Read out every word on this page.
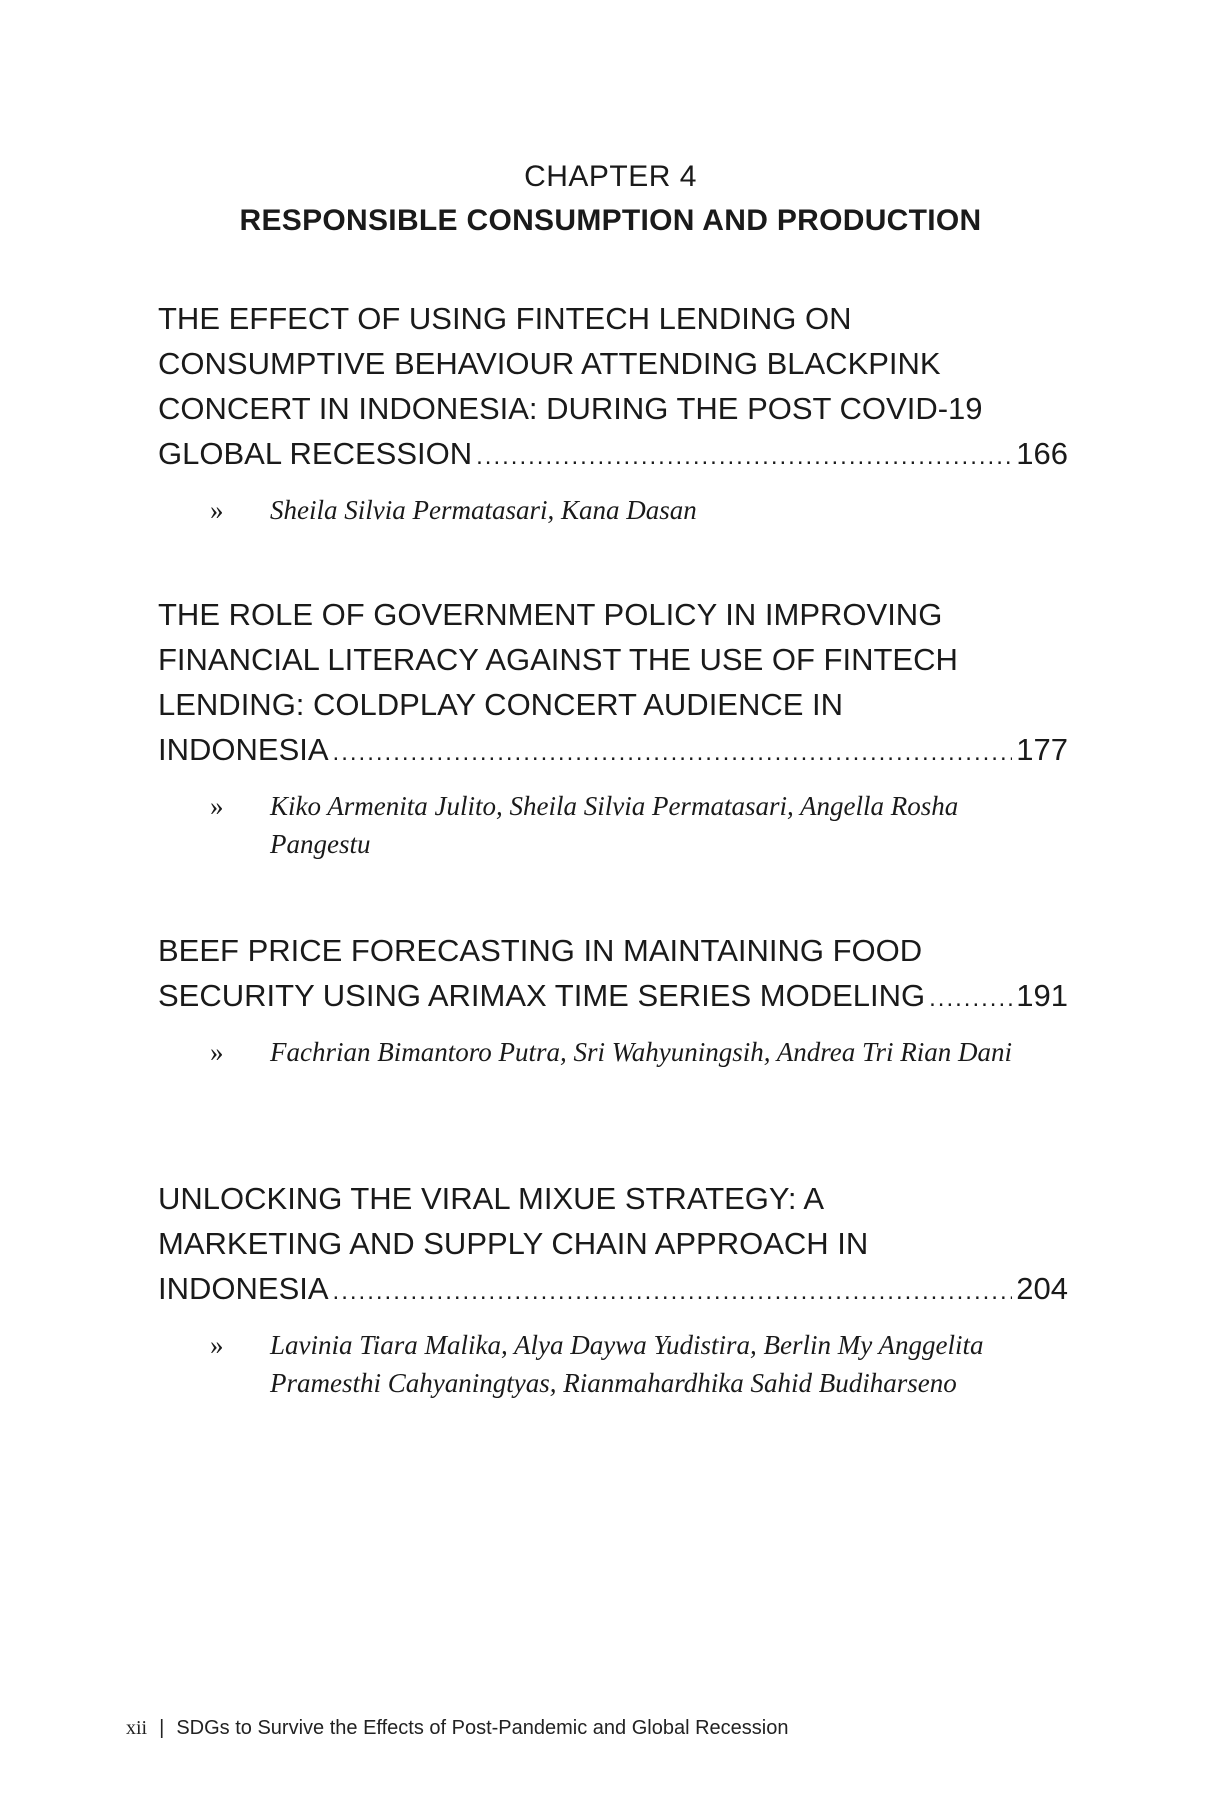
CHAPTER 4
RESPONSIBLE CONSUMPTION AND PRODUCTION
THE EFFECT OF USING FINTECH LENDING ON
CONSUMPTIVE BEHAVIOUR ATTENDING BLACKPINK
CONCERT IN INDONESIA: DURING THE POST COVID-19
GLOBAL RECESSION .....	166
»	Sheila Silvia Permatasari, Kana Dasan
THE ROLE OF GOVERNMENT POLICY IN IMPROVING
FINANCIAL LITERACY AGAINST THE USE OF FINTECH
LENDING: COLDPLAY CONCERT AUDIENCE IN
INDONESIA .....	177
»	Kiko Armenita Julito, Sheila Silvia Permatasari, Angella Rosha Pangestu
BEEF PRICE FORECASTING IN MAINTAINING FOOD
SECURITY USING ARIMAX TIME SERIES MODELING .....	191
»	Fachrian Bimantoro Putra, Sri Wahyuningsih, Andrea Tri Rian Dani
UNLOCKING THE VIRAL MIXUE STRATEGY: A
MARKETING AND SUPPLY CHAIN APPROACH IN
INDONESIA .....	204
»	Lavinia Tiara Malika, Alya Daywa Yudistira, Berlin My Anggelita Pramesthi Cahyaningtyas, Rianmahardhika Sahid Budiharseno
xii | SDGs to Survive the Effects of Post-Pandemic and Global Recession
